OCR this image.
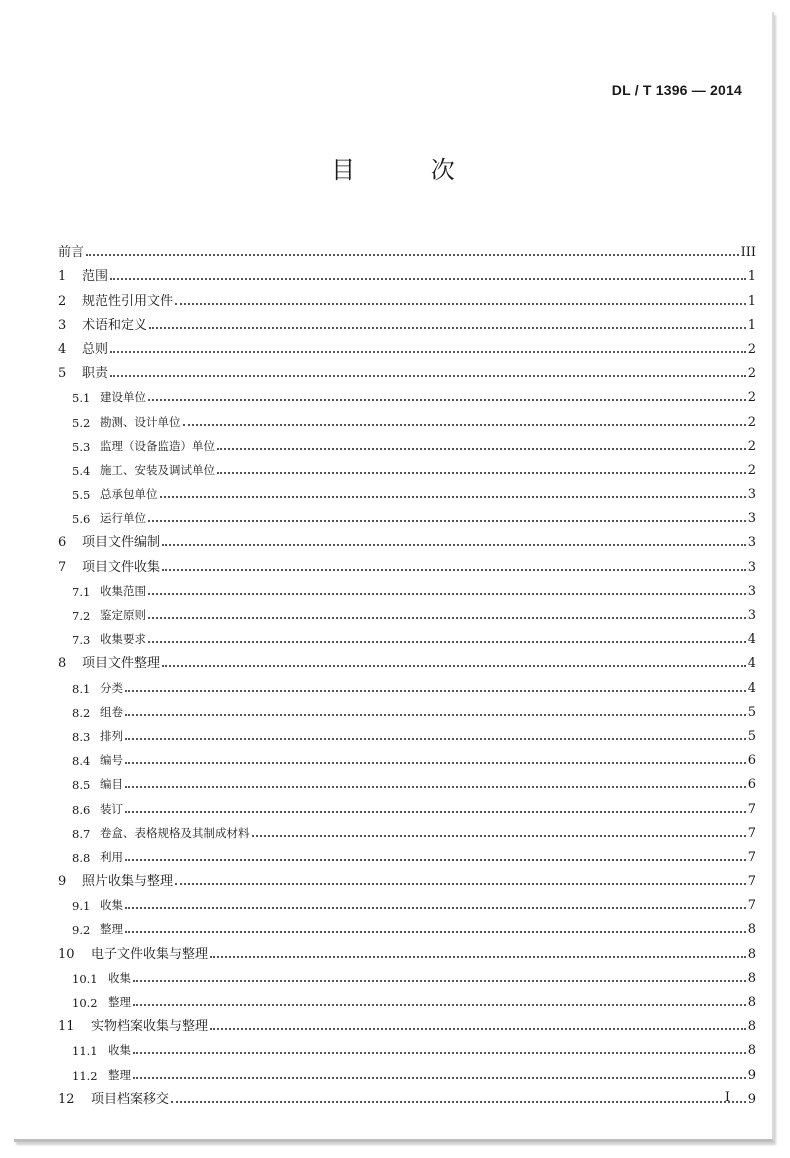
DL / T 1396 — 2014
目 次
前言	III
1	范围	1
2	规范性引用文件	1
3	术语和定义	1
4	总则	2
5	职责	2
5.1 建设单位	2
5.2 勘测、设计单位	2
5.3 监理（设备监造）单位	2
5.4 施工、安装及调试单位	2
5.5 总承包单位	3
5.6 运行单位	3
6	项目文件编制	3
7	项目文件收集	3
7.1 收集范围	3
7.2 鉴定原则	3
7.3 收集要求	4
8	项目文件整理	4
8.1 分类	4
8.2 组卷	5
8.3 排列	5
8.4 编号	6
8.5 编目	6
8.6 装订	7
8.7 卷盒、表格规格及其制成材料	7
8.8 利用	7
9	照片收集与整理	7
9.1 收集	7
9.2 整理	8
10	电子文件收集与整理	8
10.1 收集	8
10.2 整理	8
11	实物档案收集与整理	8
11.1 收集	8
11.2 整理	9
12	项目档案移交	9
I
